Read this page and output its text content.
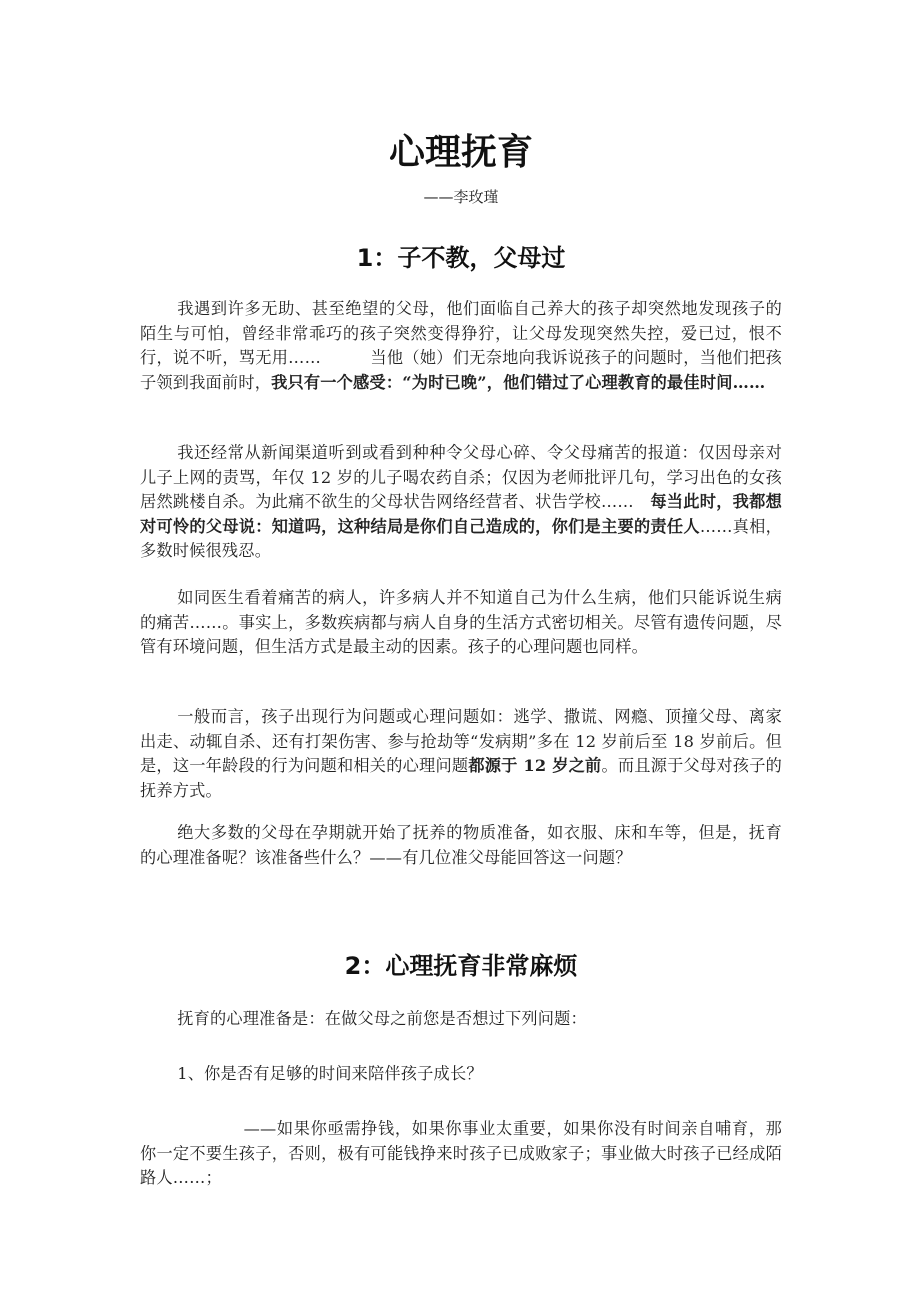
心理抚育
——李玫瑾
1：子不教，父母过

我遇到许多无助、甚至绝望的父母，他们面临自己养大的孩子却突然地发现孩子的陌生与可怕，曾经非常乖巧的孩子突然变得狰狞，让父母发现突然失控，爱已过，恨不行，说不听，骂无用……　　　当他（她）们无奈地向我诉说孩子的问题时，当他们把孩子领到我面前时，我只有一个感受：“为时已晚”，他们错过了心理教育的最佳时间……

我还经常从新闻渠道听到或看到种种令父母心碎、令父母痛苦的报道：仅因母亲对儿子上网的责骂，年仅 12 岁的儿子喝农药自杀；仅因为老师批评几句，学习出色的女孩居然跳楼自杀。为此痛不欲生的父母状告网络经营者、状告学校……　每当此时，我都想对可怜的父母说：知道吗，这种结局是你们自己造成的，你们是主要的责任人……真相，多数时候很残忍。

如同医生看着痛苦的病人，许多病人并不知道自己为什么生病，他们只能诉说生病的痛苦……。事实上，多数疾病都与病人自身的生活方式密切相关。尽管有遗传问题，尽管有环境问题，但生活方式是最主动的因素。孩子的心理问题也同样。

一般而言，孩子出现行为问题或心理问题如：逃学、撒谎、网瘾、顶撞父母、离家出走、动辄自杀、还有打架伤害、参与抢劫等“发病期”多在 12 岁前后至 18 岁前后。但是，这一年龄段的行为问题和相关的心理问题都源于 12 岁之前。而且源于父母对孩子的抚养方式。

绝大多数的父母在孕期就开始了抚养的物质准备，如衣服、床和车等，但是，抚育的心理准备呢？该准备些什么？——有几位准父母能回答这一问题？

2：心理抚育非常麻烦

抚育的心理准备是：在做父母之前您是否想过下列问题：

1、你是否有足够的时间来陪伴孩子成长？

——如果你亟需挣钱，如果你事业太重要，如果你没有时间亲自哺育，那你一定不要生孩子，否则，极有可能钱挣来时孩子已成败家子；事业做大时孩子已经成陌路人……；
